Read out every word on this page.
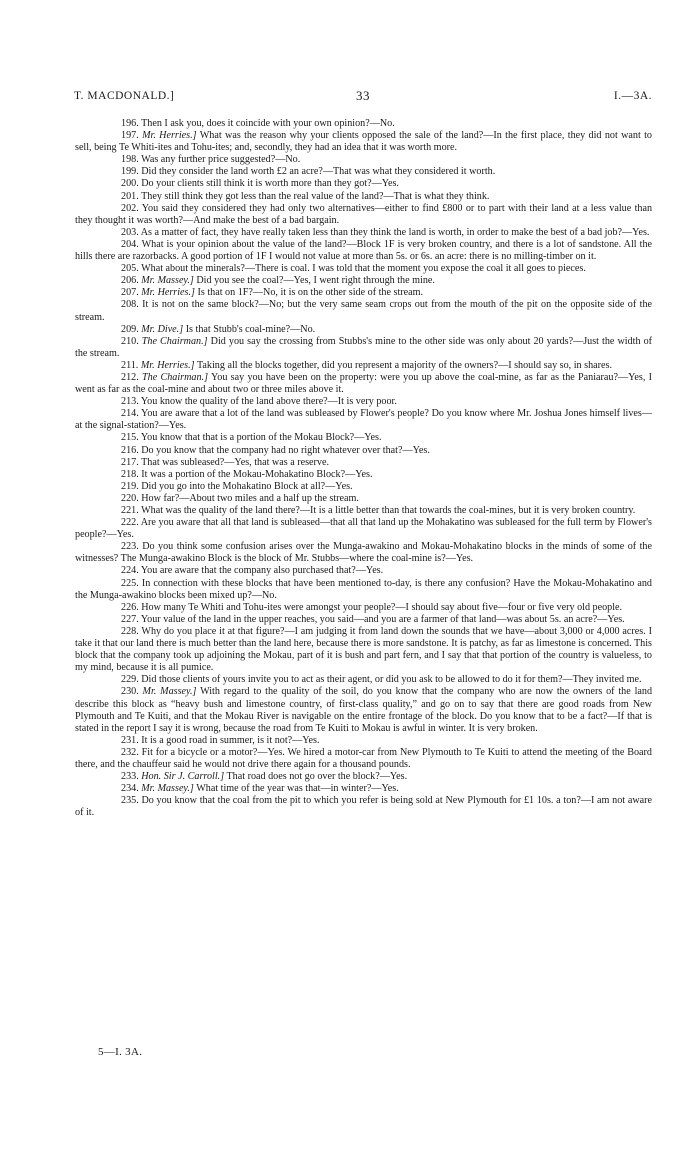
T. MACDONALD.]	33	I.—3A.

196. Then I ask you, does it coincide with your own opinion?—No.

197. Mr. Herries.] What was the reason why your clients opposed the sale of the land?—In the first place, they did not want to sell, being Te Whiti-ites and Tohu-ites; and, secondly, they had an idea that it was worth more.

198. Was any further price suggested?—No.

199. Did they consider the land worth £2 an acre?—That was what they considered it worth.

200. Do your clients still think it is worth more than they got?—Yes.

201. They still think they got less than the real value of the land?—That is what they think.

202. You said they considered they had only two alternatives—either to find £800 or to part with their land at a less value than they thought it was worth?—And make the best of a bad bargain.

203. As a matter of fact, they have really taken less than they think the land is worth, in order to make the best of a bad job?—Yes.

204. What is your opinion about the value of the land?—Block 1F is very broken country, and there is a lot of sandstone. All the hills there are razorbacks. A good portion of 1F I would not value at more than 5s. or 6s. an acre: there is no milling-timber on it.

205. What about the minerals?—There is coal. I was told that the moment you expose the coal it all goes to pieces.

206. Mr. Massey.] Did you see the coal?—Yes, I went right through the mine.

207. Mr. Herries.] Is that on 1F?—No, it is on the other side of the stream.

208. It is not on the same block?—No; but the very same seam crops out from the mouth of the pit on the opposite side of the stream.

209. Mr. Dive.] Is that Stubb's coal-mine?—No.

210. The Chairman.] Did you say the crossing from Stubbs's mine to the other side was only about 20 yards?—Just the width of the stream.

211. Mr. Herries.] Taking all the blocks together, did you represent a majority of the owners?—I should say so, in shares.

212. The Chairman.] You say you have been on the property: were you up above the coal-mine, as far as the Paniarau?—Yes, I went as far as the coal-mine and about two or three miles above it.

213. You know the quality of the land above there?—It is very poor.

214. You are aware that a lot of the land was subleased by Flower's people? Do you know where Mr. Joshua Jones himself lives—at the signal-station?—Yes.

215. You know that that is a portion of the Mokau Block?—Yes.

216. Do you know that the company had no right whatever over that?—Yes.

217. That was subleased?—Yes, that was a reserve.

218. It was a portion of the Mokau-Mohakatino Block?—Yes.

219. Did you go into the Mohakatino Block at all?—Yes.

220. How far?—About two miles and a half up the stream.

221. What was the quality of the land there?—It is a little better than that towards the coal-mines, but it is very broken country.

222. Are you aware that all that land is subleased—that all that land up the Mohakatino was subleased for the full term by Flower's people?—Yes.

223. Do you think some confusion arises over the Munga-awakino and Mokau-Mohakatino blocks in the minds of some of the witnesses? The Munga-awakino Block is the block of Mr. Stubbs—where the coal-mine is?—Yes.

224. You are aware that the company also purchased that?—Yes.

225. In connection with these blocks that have been mentioned to-day, is there any confusion? Have the Mokau-Mohakatino and the Munga-awakino blocks been mixed up?—No.

226. How many Te Whiti and Tohu-ites were amongst your people?—I should say about five—four or five very old people.

227. Your value of the land in the upper reaches, you said—and you are a farmer of that land—was about 5s. an acre?—Yes.

228. Why do you place it at that figure?—I am judging it from land down the sounds that we have—about 3,000 or 4,000 acres. I take it that our land there is much better than the land here, because there is more sandstone. It is patchy, as far as limestone is concerned. This block that the company took up adjoining the Mokau, part of it is bush and part fern, and I say that that portion of the country is valueless, to my mind, because it is all pumice.

229. Did those clients of yours invite you to act as their agent, or did you ask to be allowed to do it for them?—They invited me.

230. Mr. Massey.] With regard to the quality of the soil, do you know that the company who are now the owners of the land describe this block as “heavy bush and limestone country, of first-class quality,” and go on to say that there are good roads from New Plymouth and Te Kuiti, and that the Mokau River is navigable on the entire frontage of the block. Do you know that to be a fact?—If that is stated in the report I say it is wrong, because the road from Te Kuiti to Mokau is awful in winter. It is very broken.

231. It is a good road in summer, is it not?—Yes.

232. Fit for a bicycle or a motor?—Yes. We hired a motor-car from New Plymouth to Te Kuiti to attend the meeting of the Board there, and the chauffeur said he would not drive there again for a thousand pounds.

233. Hon. Sir J. Carroll.] That road does not go over the block?—Yes.

234. Mr. Massey.] What time of the year was that—in winter?—Yes.

235. Do you know that the coal from the pit to which you refer is being sold at New Plymouth for £1 10s. a ton?—I am not aware of it.

5—I. 3A.
